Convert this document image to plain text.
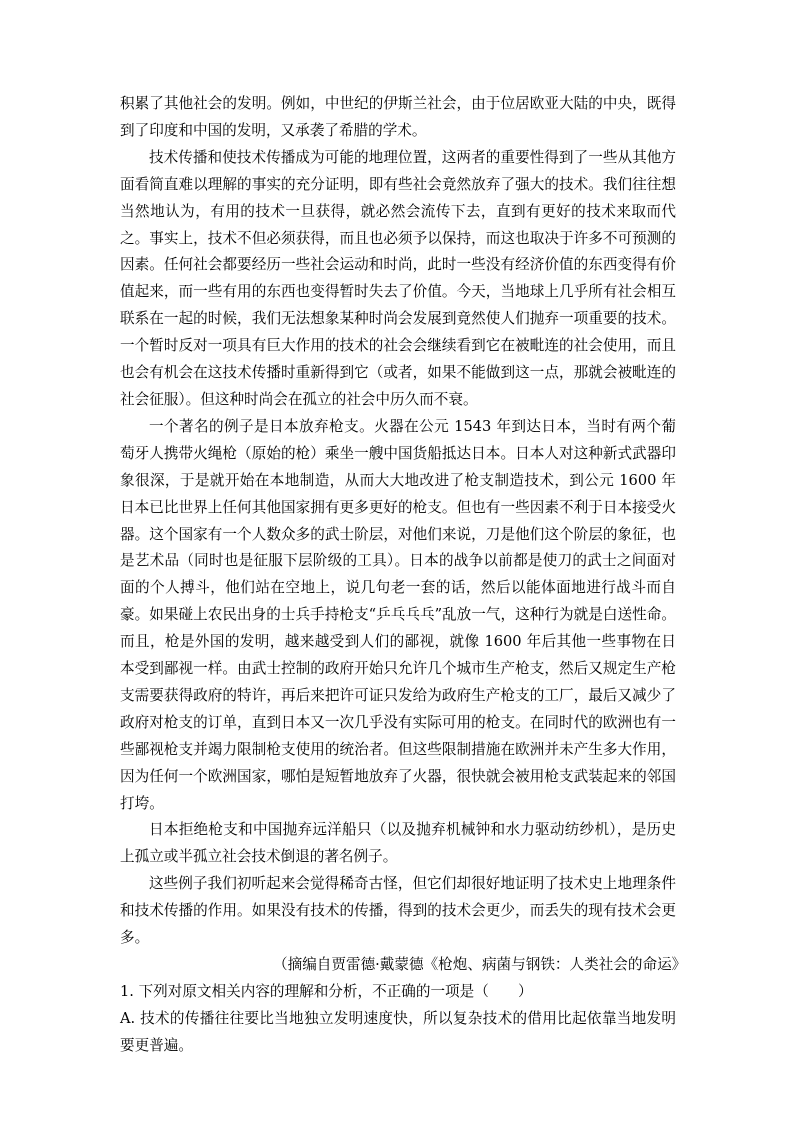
积累了其他社会的发明。例如，中世纪的伊斯兰社会，由于位居欧亚大陆的中央，既得到了印度和中国的发明，又承袭了希腊的学术。

技术传播和使技术传播成为可能的地理位置，这两者的重要性得到了一些从其他方面看简直难以理解的事实的充分证明，即有些社会竟然放弃了强大的技术。我们往往想当然地认为，有用的技术一旦获得，就必然会流传下去，直到有更好的技术来取而代之。事实上，技术不但必须获得，而且也必须予以保持，而这也取决于许多不可预测的因素。任何社会都要经历一些社会运动和时尚，此时一些没有经济价值的东西变得有价值起来，而一些有用的东西也变得暂时失去了价值。今天，当地球上几乎所有社会相互联系在一起的时候，我们无法想象某种时尚会发展到竟然使人们抛弃一项重要的技术。一个暂时反对一项具有巨大作用的技术的社会会继续看到它在被毗连的社会使用，而且也会有机会在这技术传播时重新得到它（或者，如果不能做到这一点，那就会被毗连的社会征服）。但这种时尚会在孤立的社会中历久而不衰。

一个著名的例子是日本放弃枪支。火器在公元 1543 年到达日本，当时有两个葡萄牙人携带火绳枪（原始的枪）乘坐一艘中国货船抵达日本。日本人对这种新式武器印象很深，于是就开始在本地制造，从而大大地改进了枪支制造技术，到公元 1600 年日本已比世界上任何其他国家拥有更多更好的枪支。但也有一些因素不利于日本接受火器。这个国家有一个人数众多的武士阶层，对他们来说，刀是他们这个阶层的象征，也是艺术品（同时也是征服下层阶级的工具）。日本的战争以前都是使刀的武士之间面对面的个人搏斗，他们站在空地上，说几句老一套的话，然后以能体面地进行战斗而自豪。如果碰上农民出身的士兵手持枪支“乒乓乓乓”乱放一气，这种行为就是白送性命。而且，枪是外国的发明，越来越受到人们的鄙视，就像 1600 年后其他一些事物在日本受到鄙视一样。由武士控制的政府开始只允许几个城市生产枪支，然后又规定生产枪支需要获得政府的特许，再后来把许可证只发给为政府生产枪支的工厂，最后又减少了政府对枪支的订单，直到日本又一次几乎没有实际可用的枪支。在同时代的欧洲也有一些鄙视枪支并竭力限制枪支使用的统治者。但这些限制措施在欧洲并未产生多大作用，因为任何一个欧洲国家，哪怕是短暂地放弃了火器，很快就会被用枪支武装起来的邻国打垮。

日本拒绝枪支和中国抛弃远洋船只（以及抛弃机械钟和水力驱动纺纱机），是历史上孤立或半孤立社会技术倒退的著名例子。

这些例子我们初听起来会觉得稀奇古怪，但它们却很好地证明了技术史上地理条件和技术传播的作用。如果没有技术的传播，得到的技术会更少，而丢失的现有技术会更多。

（摘编自贾雷德·戴蒙德《枪炮、病菌与钢铁：人类社会的命运》

1. 下列对原文相关内容的理解和分析，不正确的一项是（　　）

A. 技术的传播往往要比当地独立发明速度快，所以复杂技术的借用比起依靠当地发明要更普遍。
